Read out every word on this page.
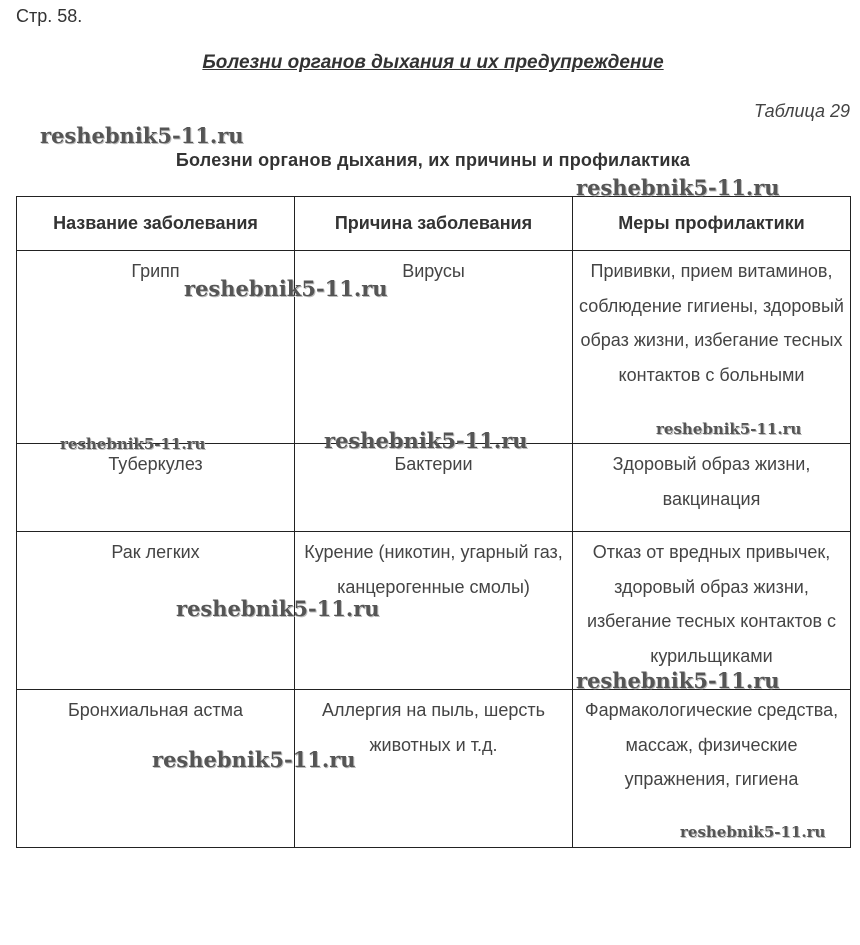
Стр. 58.
Болезни органов дыхания и их предупреждение
Таблица 29
Болезни органов дыхания, их причины и профилактика
Название заболевания	Причина заболевания	Меры профилактики

Грипп	Вирусы	Прививки, прием витаминов, соблюдение гигиены, здоровый образ жизни, избегание тесных контактов с больными

Туберкулез	Бактерии	Здоровый образ жизни, вакцинация

Рак легких	Курение (никотин, угарный газ, канцерогенные смолы)	Отказ от вредных привычек, здоровый образ жизни, избегание тесных контактов с курильщиками

Бронхиальная астма	Аллергия на пыль, шерсть животных и т.д.	Фармакологические средства, массаж, физические упражнения, гигиена
reshebnik5-11.ru
reshebnik5-11.ru
reshebnik5-11.ru
reshebnik5-11.ru	reshebnik5-11.ru	reshebnik5-11.ru
reshebnik5-11.ru
reshebnik5-11.ru
reshebnik5-11.ru
reshebnik5-11.ru
